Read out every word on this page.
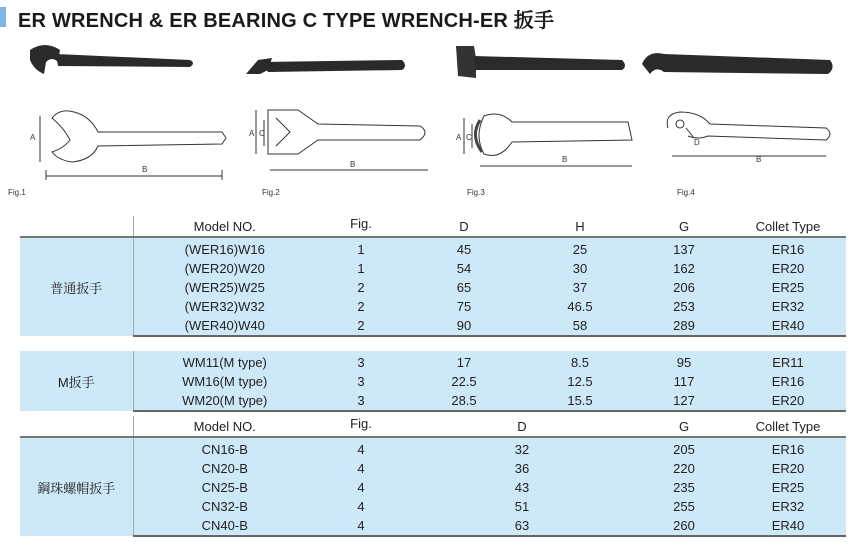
ER WRENCH & ER BEARING C TYPE WRENCH-ER 扳手
A
B
A C
B
A C
B
D
B
Fig.1	Fig.2	Fig.3	Fig.4
	Model NO.	Fig.	D	H	G	Collet Type
普通扳手	(WER16)W16	1	45	25	137	ER16
	(WER20)W20	1	54	30	162	ER20
	(WER25)W25	2	65	37	206	ER25
	(WER32)W32	2	75	46.5	253	ER32
	(WER40)W40	2	90	58	289	ER40

M扳手	WM11(M type)	3	17	8.5	95	ER11
	WM16(M type)	3	22.5	12.5	117	ER16
	WM20(M type)	3	28.5	15.5	127	ER20
	Model NO.	Fig.	D	G	Collet Type
鋼珠螺帽扳手	CN16-B	4	32	205	ER16
	CN20-B	4	36	220	ER20
	CN25-B	4	43	235	ER25
	CN32-B	4	51	255	ER32
	CN40-B	4	63	260	ER40
